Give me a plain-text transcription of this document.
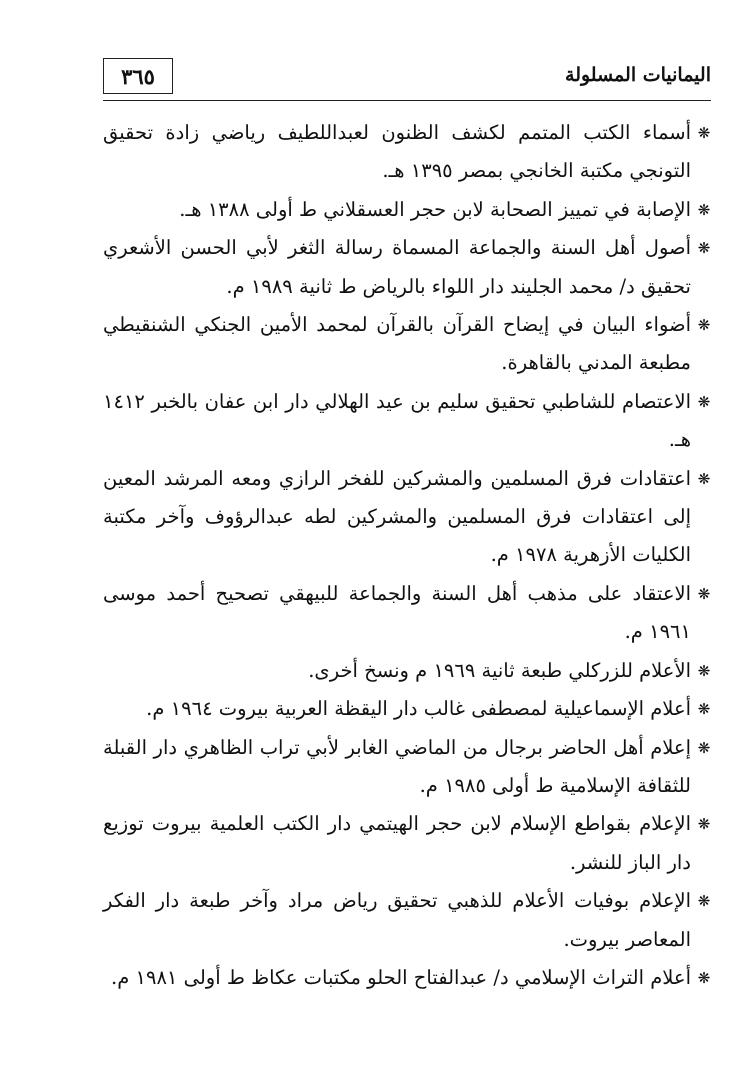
٣٦٥	اليمانيات المسلولة

❋
أسماء الكتب المتمم لكشف الظنون لعبداللطيف رياضي زادة تحقيق التونجي مكتبة الخانجي بمصر ١٣٩٥ هـ.

❋
الإصابة في تمييز الصحابة لابن حجر العسقلاني ط أولى ١٣٨٨ هـ.

❋
أصول أهل السنة والجماعة المسماة رسالة الثغر لأبي الحسن الأشعري تحقيق د/ محمد الجليند دار اللواء بالرياض ط ثانية ١٩٨٩ م.

❋
أضواء البيان في إيضاح القرآن بالقرآن لمحمد الأمين الجنكي الشنقيطي مطبعة المدني بالقاهرة.

❋
الاعتصام للشاطبي تحقيق سليم بن عيد الهلالي دار ابن عفان بالخبر ١٤١٢ هـ.

❋
اعتقادات فرق المسلمين والمشركين للفخر الرازي ومعه المرشد المعين إلى اعتقادات فرق المسلمين والمشركين لطه عبدالرؤوف وآخر مكتبة الكليات الأزهرية ١٩٧٨ م.

❋
الاعتقاد على مذهب أهل السنة والجماعة للبيهقي تصحيح أحمد موسى ١٩٦١ م.

❋
الأعلام للزركلي طبعة ثانية ١٩٦٩ م ونسخ أخرى.

❋
أعلام الإسماعيلية لمصطفى غالب دار اليقظة العربية بيروت ١٩٦٤ م.

❋
إعلام أهل الحاضر برجال من الماضي الغابر لأبي تراب الظاهري دار القبلة للثقافة الإسلامية ط أولى ١٩٨٥ م.

❋
الإعلام بقواطع الإسلام لابن حجر الهيتمي دار الكتب العلمية بيروت توزيع دار الباز للنشر.

❋
الإعلام بوفيات الأعلام للذهبي تحقيق رياض مراد وآخر طبعة دار الفكر المعاصر بيروت.

❋
أعلام التراث الإسلامي د/ عبدالفتاح الحلو مكتبات عكاظ ط أولى ١٩٨١ م.
